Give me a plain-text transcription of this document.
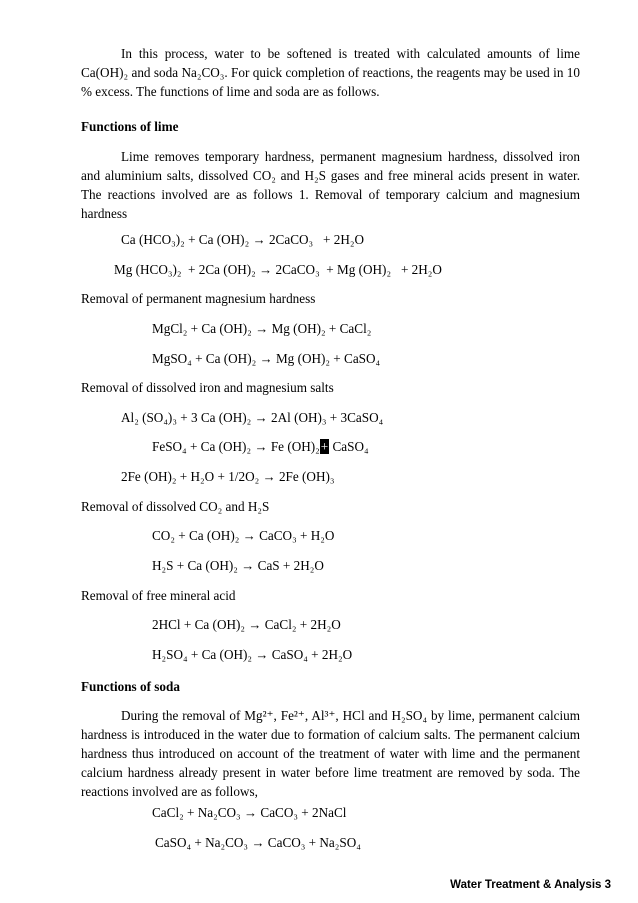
In this process, water to be softened is treated with calculated amounts of lime Ca(OH)₂ and soda Na₂CO₃. For quick completion of reactions, the reagents may be used in 10 % excess. The functions of lime and soda are as follows.

Functions of lime

Lime removes temporary hardness, permanent magnesium hardness, dissolved iron and aluminium salts, dissolved CO₂ and H₂S gases and free mineral acids present in water. The reactions involved are as follows 1. Removal of temporary calcium and magnesium hardness

Ca (HCO₃)₂ + Ca (OH)₂ → 2CaCO₃   + 2H₂O

Mg (HCO₃)₂  + 2Ca (OH)₂ → 2CaCO₃  + Mg (OH)₂   + 2H₂O

Removal of permanent magnesium hardness

MgCl₂ + Ca (OH)₂ → Mg (OH)₂ + CaCl₂

MgSO₄ + Ca (OH)₂ → Mg (OH)₂ + CaSO₄

Removal of dissolved iron and magnesium salts

Al₂ (SO₄)₃ + 3 Ca (OH)₂ → 2Al (OH)₃ + 3CaSO₄

FeSO₄ + Ca (OH)₂ → Fe (OH)₂+ CaSO₄

2Fe (OH)₂ + H₂O + 1/2O₂ → 2Fe (OH)₃

Removal of dissolved CO₂ and H₂S

CO₂ + Ca (OH)₂ → CaCO₃ + H₂O

H₂S + Ca (OH)₂ → CaS + 2H₂O

Removal of free mineral acid

2HCl + Ca (OH)₂ → CaCl₂ + 2H₂O

H₂SO₄ + Ca (OH)₂ → CaSO₄ + 2H₂O

Functions of soda

During the removal of Mg²⁺, Fe²⁺, Al³⁺, HCl and H₂SO₄ by lime, permanent calcium hardness is introduced in the water due to formation of calcium salts. The permanent calcium hardness thus introduced on account of the treatment of water with lime and the permanent calcium hardness already present in water before lime treatment are removed by soda. The reactions involved are as follows,

CaCl₂ + Na₂CO₃ → CaCO₃ + 2NaCl

CaSO₄ + Na₂CO₃ → CaCO₃ + Na₂SO₄

Water Treatment & Analysis 3
